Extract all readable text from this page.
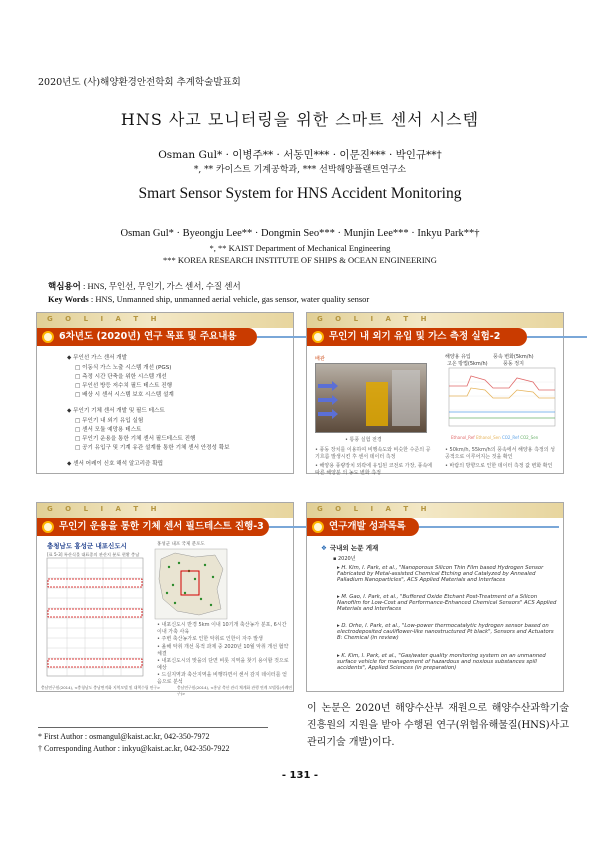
2020년도 (사)해양환경안전학회 추계학술발표회
HNS 사고 모니터링을 위한 스마트 센서 시스템
Osman Gul* · 이병주** · 서동민*** · 이문진*** · 박인규**†
*, ** 카이스트 기계공학과, *** 선박해양플랜트연구소
Smart Sensor System for HNS Accident Monitoring
Osman Gul* · Byeongju Lee** · Dongmin Seo*** · Munjin Lee*** · Inkyu Park**†
*, ** KAIST Department of Mechanical Engineering
*** KOREA RESEARCH INSTITUTE OF SHIPS & OCEAN ENGINEERING
핵심용어 : HNS, 무인선, 무인기, 가스 센서, 수질 센서
Key Words : HNS, Unmanned ship, unmanned aerial vehicle, gas sensor, water quality sensor
G O L I A T H
6차년도 (2020년) 연구 목표 및 주요내용
◆ 무인선 가스 센서 개발
□ 이동식 가스 노출 시스템 개선 (PGS)
□ 측정 시간 단축을 위한 시스템 개선
□ 무인선 방등 저수치 필드 테스트 진행
□ 배상 시 센서 시스템 보호 시스템 설계
◆ 무인기 기체 센서 개발 및 필드 테스트
□ 무인기 내 외기 유입 실험
□ 센서 모듈 예망용 테스트
□ 무인기 운용을 통한 기체 센서 필드테스트 진행
□ 공기 유입구 및 기계 유관 설계를 통한 기체 센서 안정성 확보
◆ 센서 어레이 신호 해석 알고리즘 확립
G O L I A T H
무인기 내 외기 유입 및 가스 측정 실험-2
배관
• 통풍 실험 전경
해양용 유입
고온 방법(5km/h)
풍속 변화(5km/h)
풍동 정지
Ethanol_Ref Ethanol_Sen CO2_Ref CO2_Sen
• 풍동 장치를 이용하여 비행속도와 비슷한 수준의 공기흐름 발생시킨 후 센서 데이터 측정
• 해양용 풍량장치 외곽에 유입된 코전로 가장, 풍속에 따른 해양분 의 농도 변화 측정
• 50km/h, 55km/h의 풍속에서 해양용 측정의 성공적으로 이루어지는 것을 확인
• 바람의 방향으로 인한 데이터 측정 값 변화 확인
G O L I A T H
무인기 운용을 통한 기체 센서 필드테스트 진행-3
충청남도 홍성군 내포신도시
[표 5-3] 특산식물 대표종의 관산지 분포 현황 충남
홍성군 내포 국제 분포도
• 내포신도시 반경 5km 이내 10기개 축산농가 분포, 6시간 이내 가축 사육
• 주변 축산농가로 인한 악취로 인한이 자주 발생
• 올해 악취 개선 목적 과제 중 2020년 10월 악취 개선 협약 체결
• 내포신도시의 맞을의 단면 비롯 지역을 찾기 용이할 것으로 예상
• 드실지역과 축산지역을 비행하면서 센서 감지 데이터를 얻음으로 분석
충남연구원(2014), <충청남도 충남면적화 지역모델 및 대책수립 연구>	충남연구원(2014), <홍남 축산 관리 체계화 관행 연계 모델링(사례연구)>
G O L I A T H
연구개발 성과목록
❖ 국내외 논문 게재
▪ 2020년
▸ H. Kim, I. Park, et al., "Nanoporous Silicon Thin Film based Hydrogen Sensor Fabricated by Metal-assisted Chemical Etching and Catalyzed by Annealed Palladium Nanoparticles", ACS Applied Materials and Interfaces
▸ M. Gao, I. Park, et al., "Buffered Oxide Etchant Post-Treatment of a Silicon Nanofilm for Low-Cost and Performance-Enhanced Chemical Sensors" ACS Applied Materials and Interfaces
▸ D. Orhe, I. Park, et al., "Low-power thermocatalytic hydrogen sensor based on electrodeposited cauliflower-like nanostructured Pt black", Sensors and Actuators B: Chemical (in review)
▸ K. Kim, I. Park, et al., "Gas/water quality monitoring system on an unmanned surface vehicle for management of hazardous and noxious substances spill accidents", Applied Sciences (in preparation)
이 논문은 2020년 해양수산부 재원으로 해양수산과학기술진흥원의 지원을 받아 수행된 연구(위험유해물질(HNS)사고 관리기술 개발)이다.
* First Author : osmangul@kaist.ac.kr, 042-350-7972
† Corresponding Author : inkyu@kaist.ac.kr, 042-350-7922
- 131 -
